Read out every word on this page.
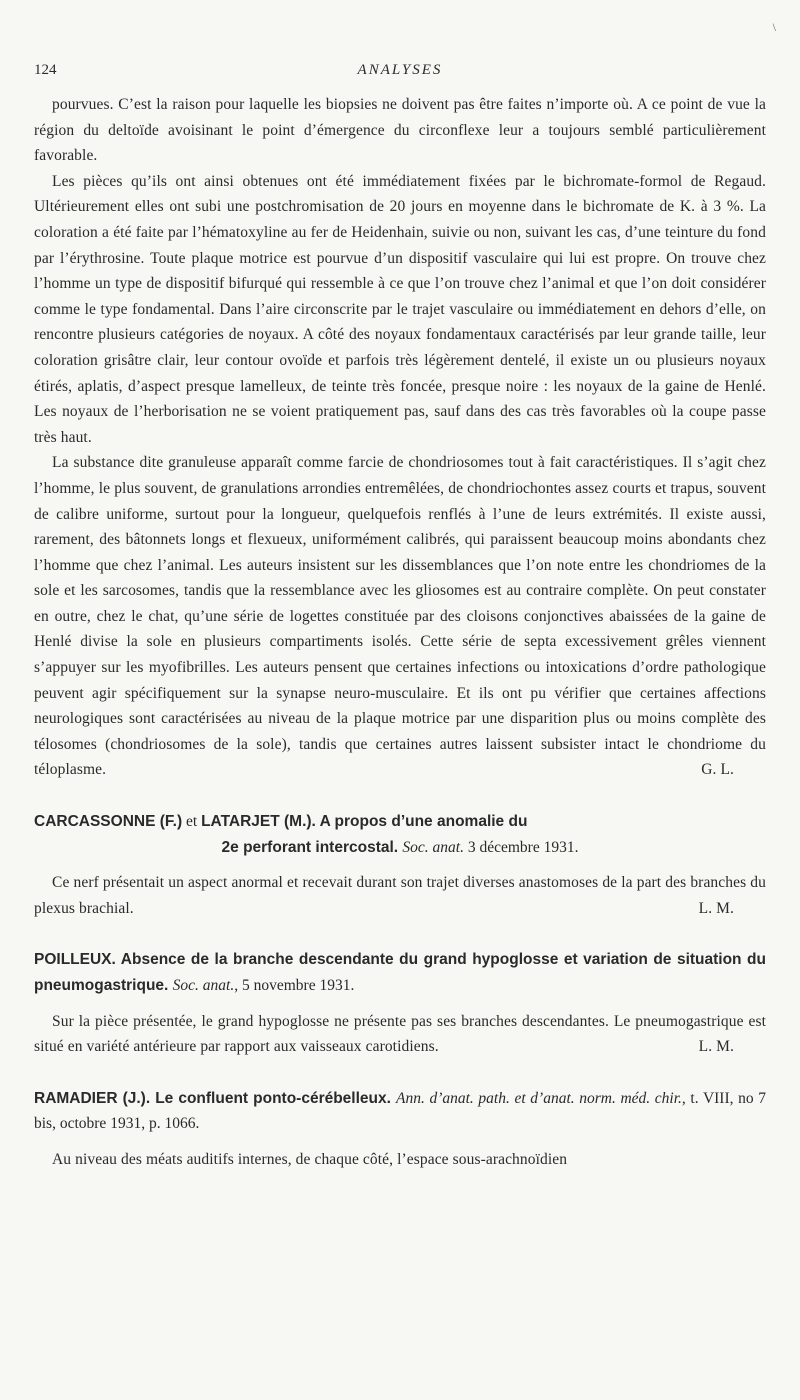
\
124	ANALYSES

pourvues. C’est la raison pour laquelle les biopsies ne doivent pas être faites n’importe où. A ce point de vue la région du deltoïde avoisinant le point d’émergence du circonflexe leur a toujours semblé particulièrement favorable.

Les pièces qu’ils ont ainsi obtenues ont été immédiatement fixées par le bichromate-formol de Regaud. Ultérieurement elles ont subi une postchromisation de 20 jours en moyenne dans le bichromate de K. à 3 %. La coloration a été faite par l’hématoxyline au fer de Heidenhain, suivie ou non, suivant les cas, d’une teinture du fond par l’érythrosine. Toute plaque motrice est pourvue d’un dispositif vasculaire qui lui est propre. On trouve chez l’homme un type de dispositif bifurqué qui ressemble à ce que l’on trouve chez l’animal et que l’on doit considérer comme le type fondamental. Dans l’aire circonscrite par le trajet vasculaire ou immédiatement en dehors d’elle, on rencontre plusieurs catégories de noyaux. A côté des noyaux fondamentaux caractérisés par leur grande taille, leur coloration grisâtre clair, leur contour ovoïde et parfois très légèrement dentelé, il existe un ou plusieurs noyaux étirés, aplatis, d’aspect presque lamelleux, de teinte très foncée, presque noire : les noyaux de la gaine de Henlé. Les noyaux de l’herborisation ne se voient pratiquement pas, sauf dans des cas très favorables où la coupe passe très haut.

La substance dite granuleuse apparaît comme farcie de chondriosomes tout à fait caractéristiques. Il s’agit chez l’homme, le plus souvent, de granulations arrondies entremêlées, de chondriochontes assez courts et trapus, souvent de calibre uniforme, surtout pour la longueur, quelquefois renflés à l’une de leurs extrémités. Il existe aussi, rarement, des bâtonnets longs et flexueux, uniformément calibrés, qui paraissent beaucoup moins abondants chez l’homme que chez l’animal. Les auteurs insistent sur les dissemblances que l’on note entre les chondriomes de la sole et les sarcosomes, tandis que la ressemblance avec les gliosomes est au contraire complète. On peut constater en outre, chez le chat, qu’une série de logettes constituée par des cloisons conjonctives abaissées de la gaine de Henlé divise la sole en plusieurs compartiments isolés. Cette série de septa excessivement grêles viennent s’appuyer sur les myofibrilles. Les auteurs pensent que certaines infections ou intoxications d’ordre pathologique peuvent agir spécifiquement sur la synapse neuro-musculaire. Et ils ont pu vérifier que certaines affections neurologiques sont caractérisées au niveau de la plaque motrice par une disparition plus ou moins complète des télosomes (chondriosomes de la sole), tandis que certaines autres laissent subsister intact le chondriome du téloplasme.	G. L.

CARCASSONNE (F.) et LATARJET (M.). A propos d’une anomalie du
2e perforant intercostal. Soc. anat. 3 décembre 1931.

Ce nerf présentait un aspect anormal et recevait durant son trajet diverses anastomoses de la part des branches du plexus brachial.	L. M.

POILLEUX. Absence de la branche descendante du grand hypoglosse et variation de situation du pneumogastrique. Soc. anat., 5 novembre 1931.

Sur la pièce présentée, le grand hypoglosse ne présente pas ses branches descendantes. Le pneumogastrique est situé en variété antérieure par rapport aux vaisseaux carotidiens.	L. M.

RAMADIER (J.). Le confluent ponto-cérébelleux. Ann. d’anat. path. et d’anat. norm. méd. chir., t. VIII, no 7 bis, octobre 1931, p. 1066.

Au niveau des méats auditifs internes, de chaque côté, l’espace sous-arachnoïdien
